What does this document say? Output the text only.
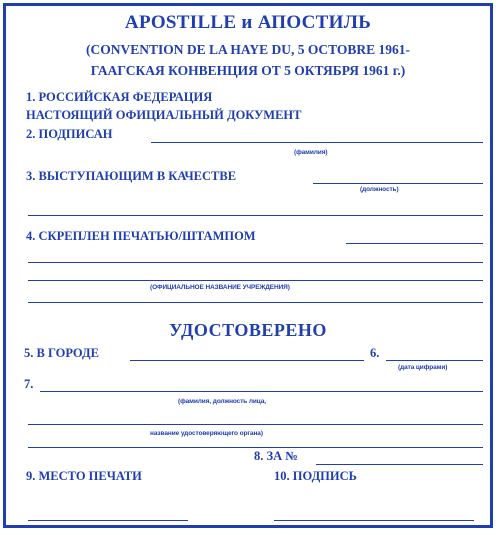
APOSTILLE и АПОСТИЛЬ
(CONVENTION DE LA HAYE DU, 5 OCTOBRE 1961-
ГААГСКАЯ КОНВЕНЦИЯ ОТ 5 ОКТЯБРЯ 1961 г.)
1. РОССИЙСКАЯ ФЕДЕРАЦИЯ
НАСТОЯЩИЙ ОФИЦИАЛЬНЫЙ ДОКУМЕНТ
2. ПОДПИСАН
(фамилия)
3. ВЫСТУПАЮЩИМ В КАЧЕСТВЕ
(должность)
4. СКРЕПЛЕН ПЕЧАТЬЮ/ШТАМПОМ
(ОФИЦИАЛЬНОЕ НАЗВАНИЕ УЧРЕЖДЕНИЯ)
УДОСТОВЕРЕНО
5. В ГОРОДЕ	6.
(дата цифрами)
7.
(фамилия, должность лица,
название удостоверяющего органа)
8. ЗА №
9. МЕСТО ПЕЧАТИ	10. ПОДПИСЬ
